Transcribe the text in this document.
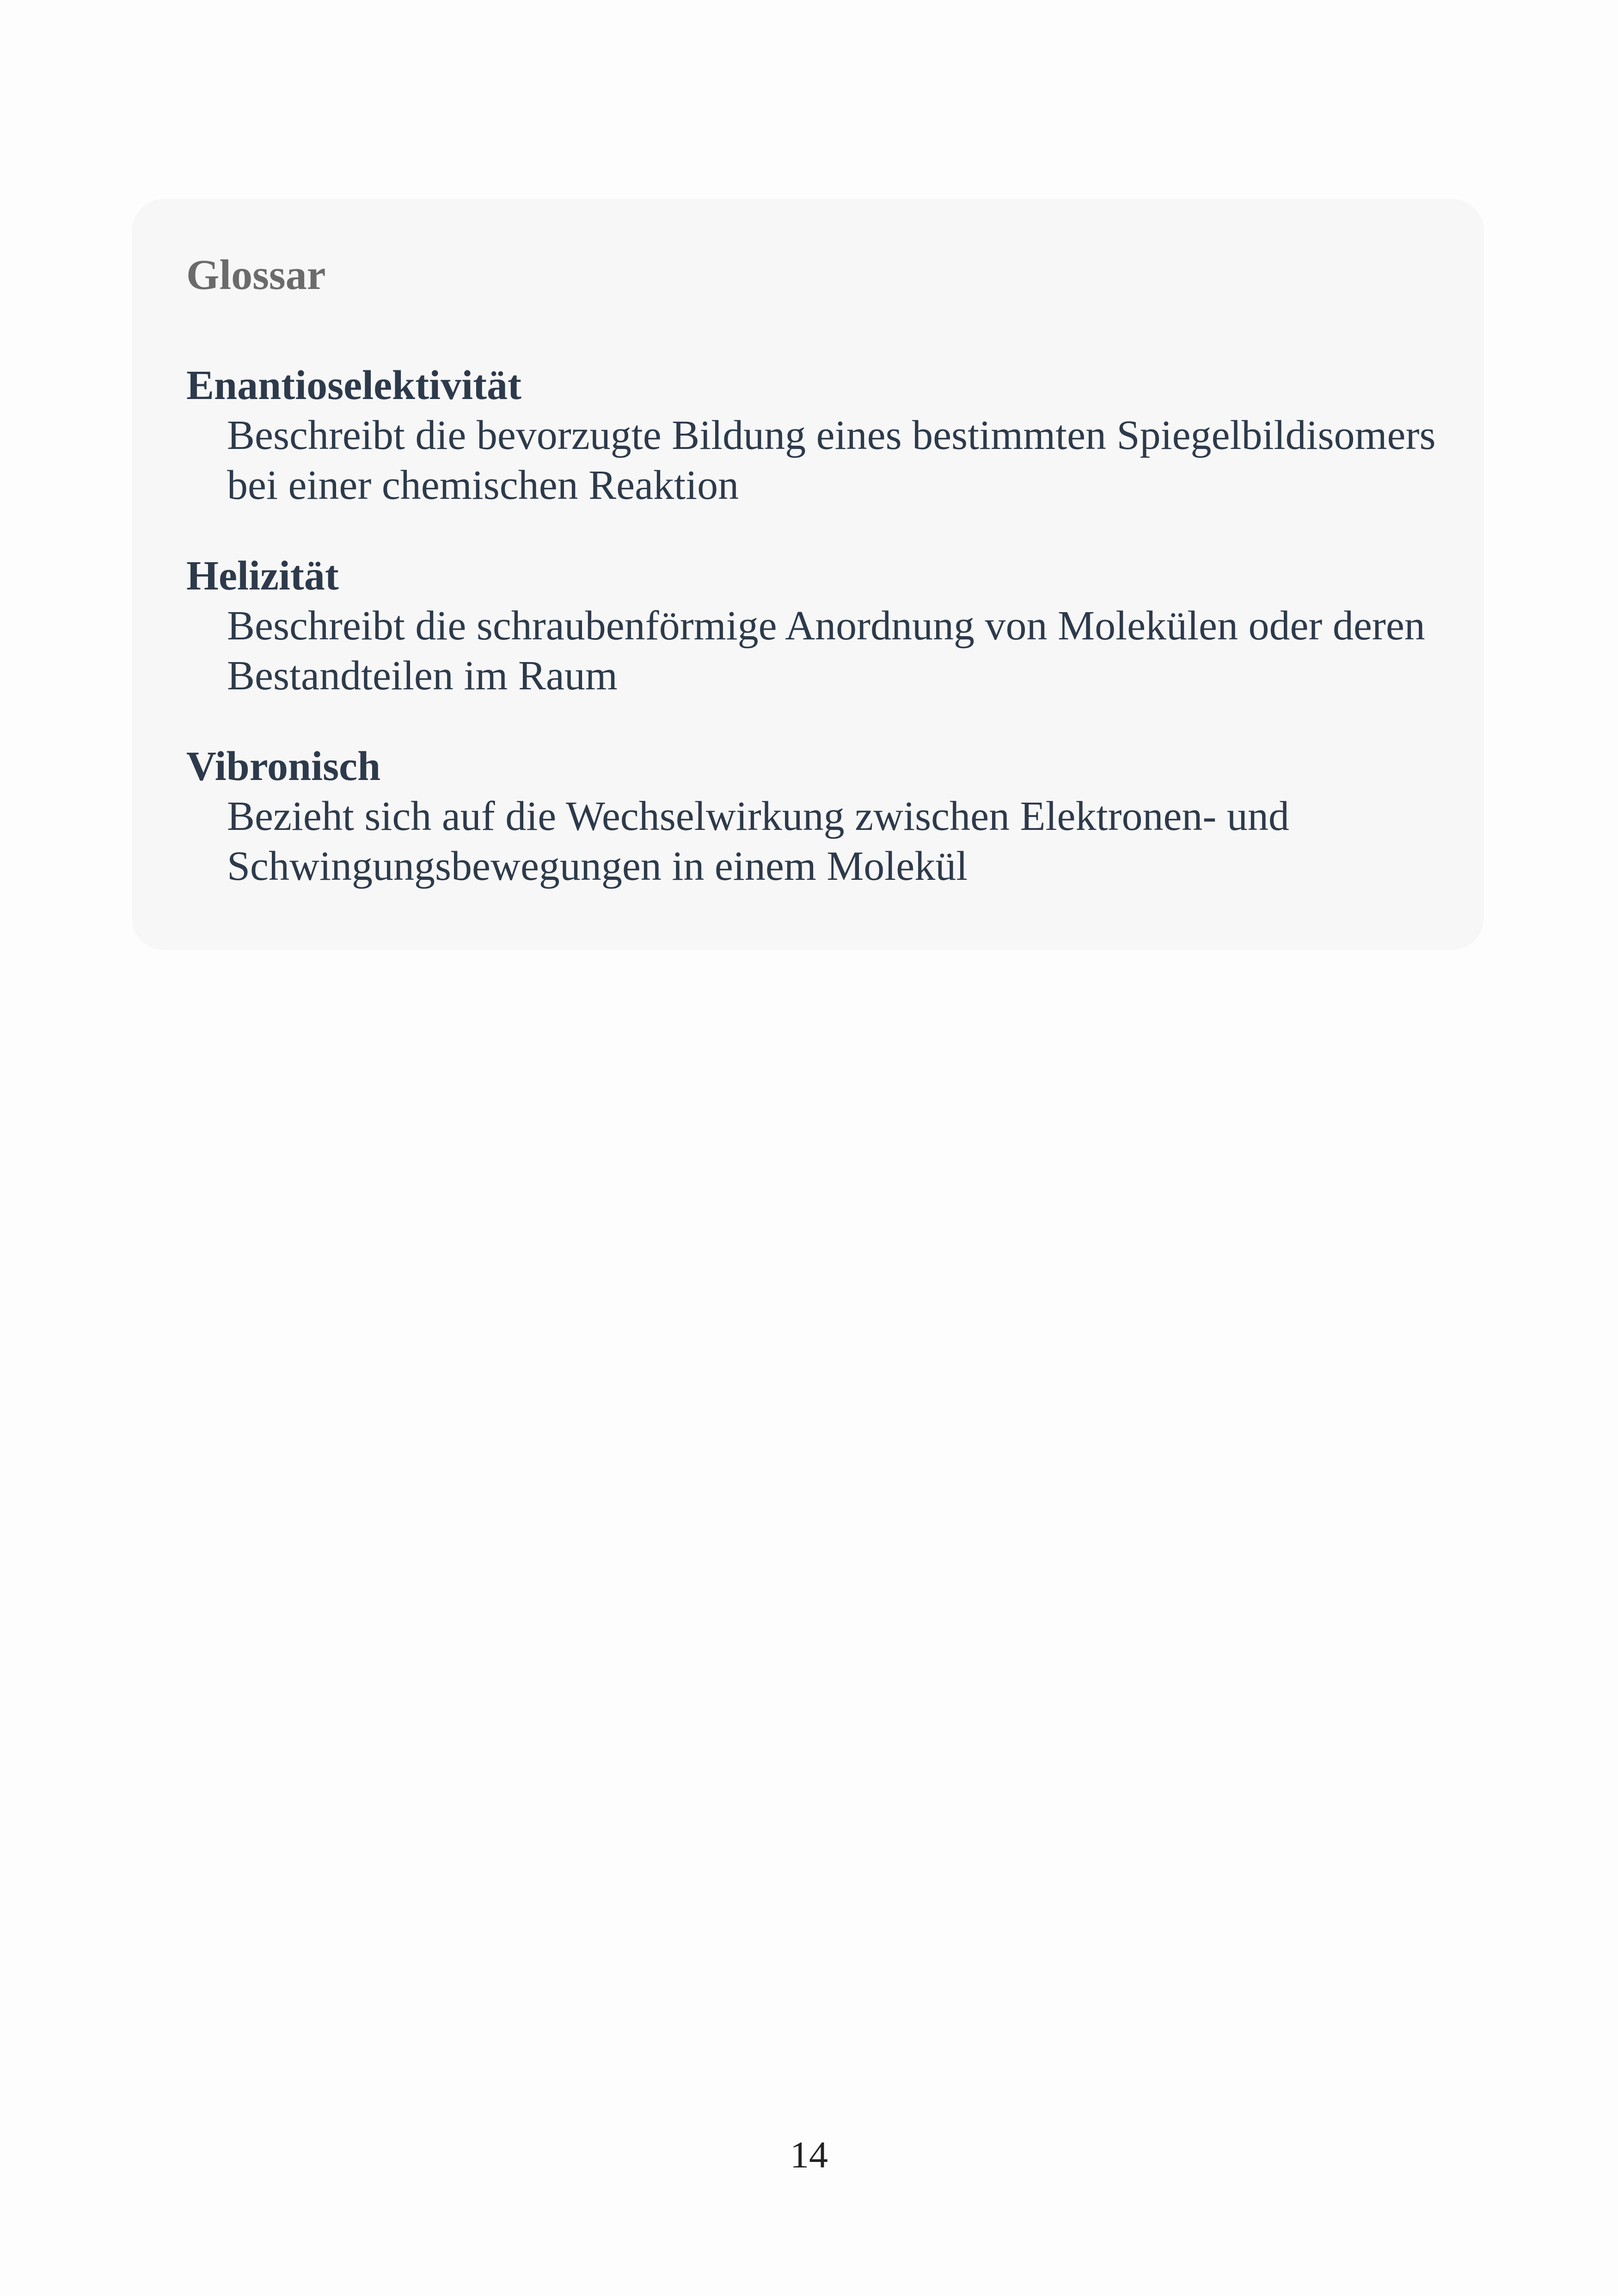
Glossar

Enantioselektivität

Beschreibt die bevorzugte Bildung eines bestimmten Spiegelbildisomers bei einer chemischen Reaktion

Helizität

Beschreibt die schraubenförmige Anordnung von Molekülen oder deren Bestandteilen im Raum

Vibronisch

Bezieht sich auf die Wechselwirkung zwischen Elektronen- und Schwingungsbewegungen in einem Molekül

14
